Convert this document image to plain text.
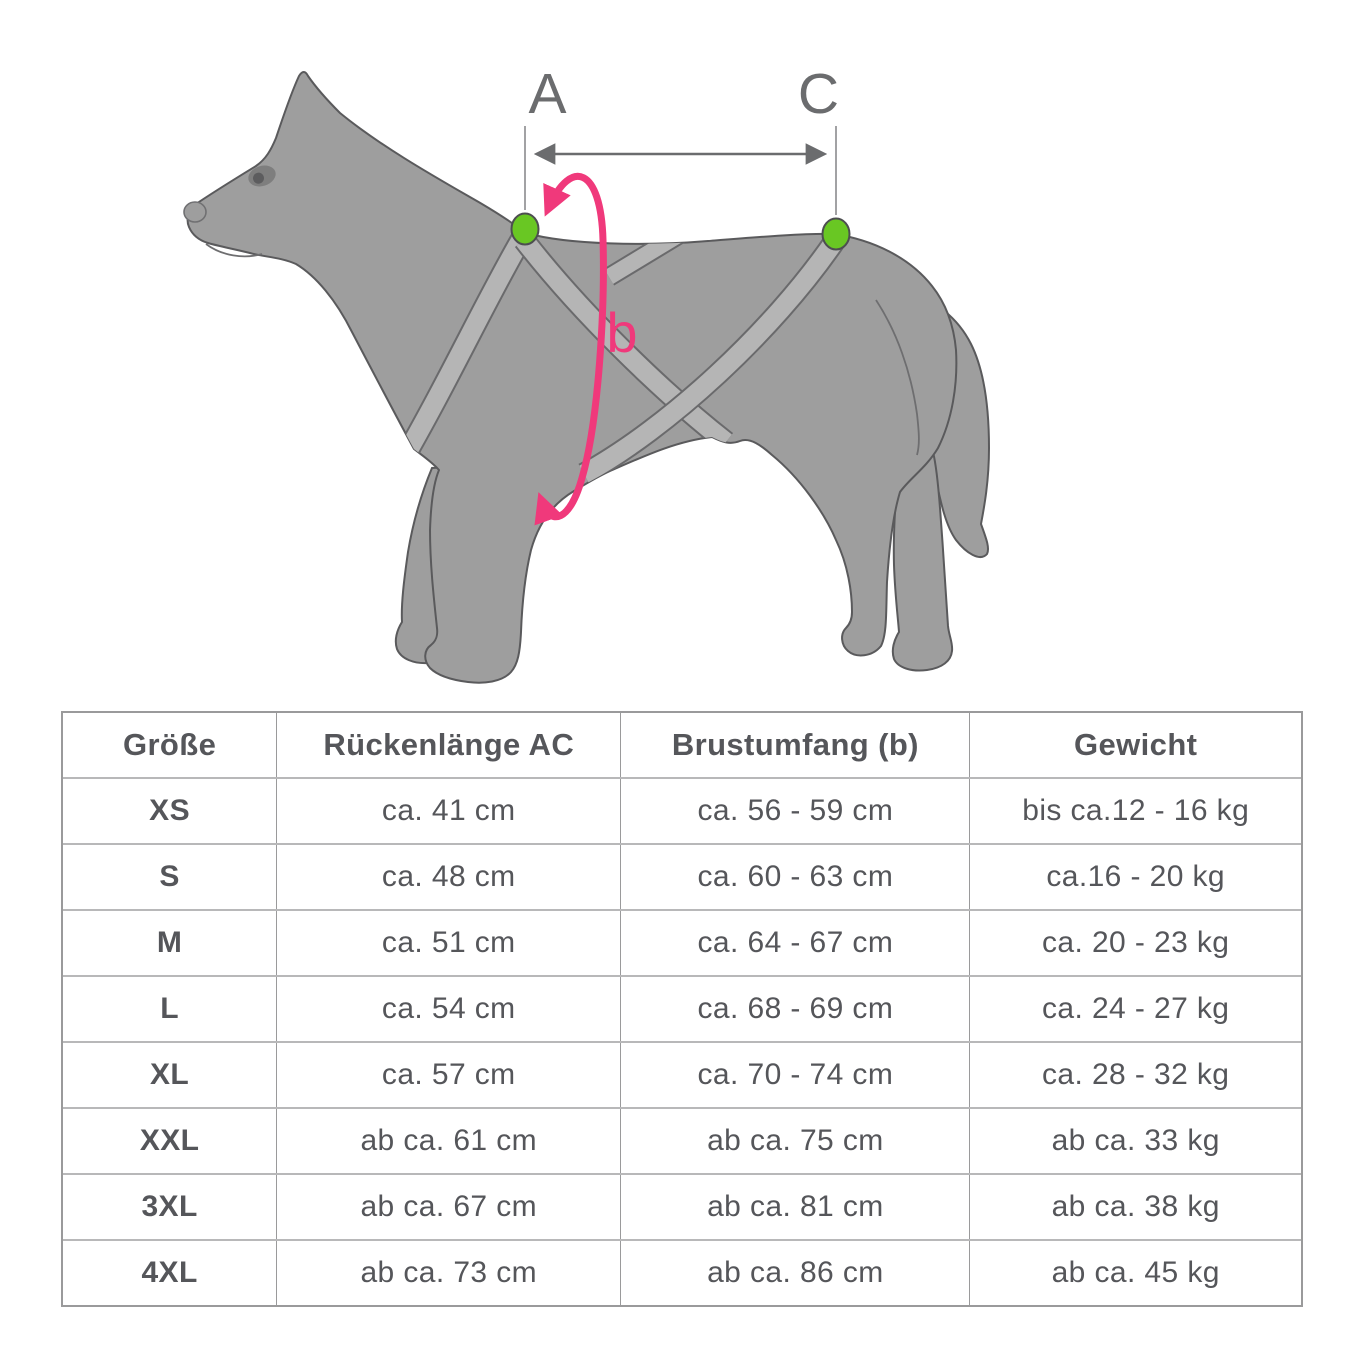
A	C
b
Größe	Rückenlänge AC	Brustumfang (b)	Gewicht
XS	ca. 41 cm	ca. 56 - 59 cm	bis ca.12 - 16 kg
S	ca. 48 cm	ca. 60 - 63 cm	ca.16 - 20 kg
M	ca. 51 cm	ca. 64 - 67 cm	ca. 20 - 23 kg
L	ca. 54 cm	ca. 68 - 69 cm	ca. 24 - 27 kg
XL	ca. 57 cm	ca. 70 - 74 cm	ca. 28 - 32 kg
XXL	ab ca. 61 cm	ab ca. 75 cm	ab ca. 33 kg
3XL	ab ca. 67 cm	ab ca. 81 cm	ab ca. 38 kg
4XL	ab ca. 73 cm	ab ca. 86 cm	ab ca. 45 kg
